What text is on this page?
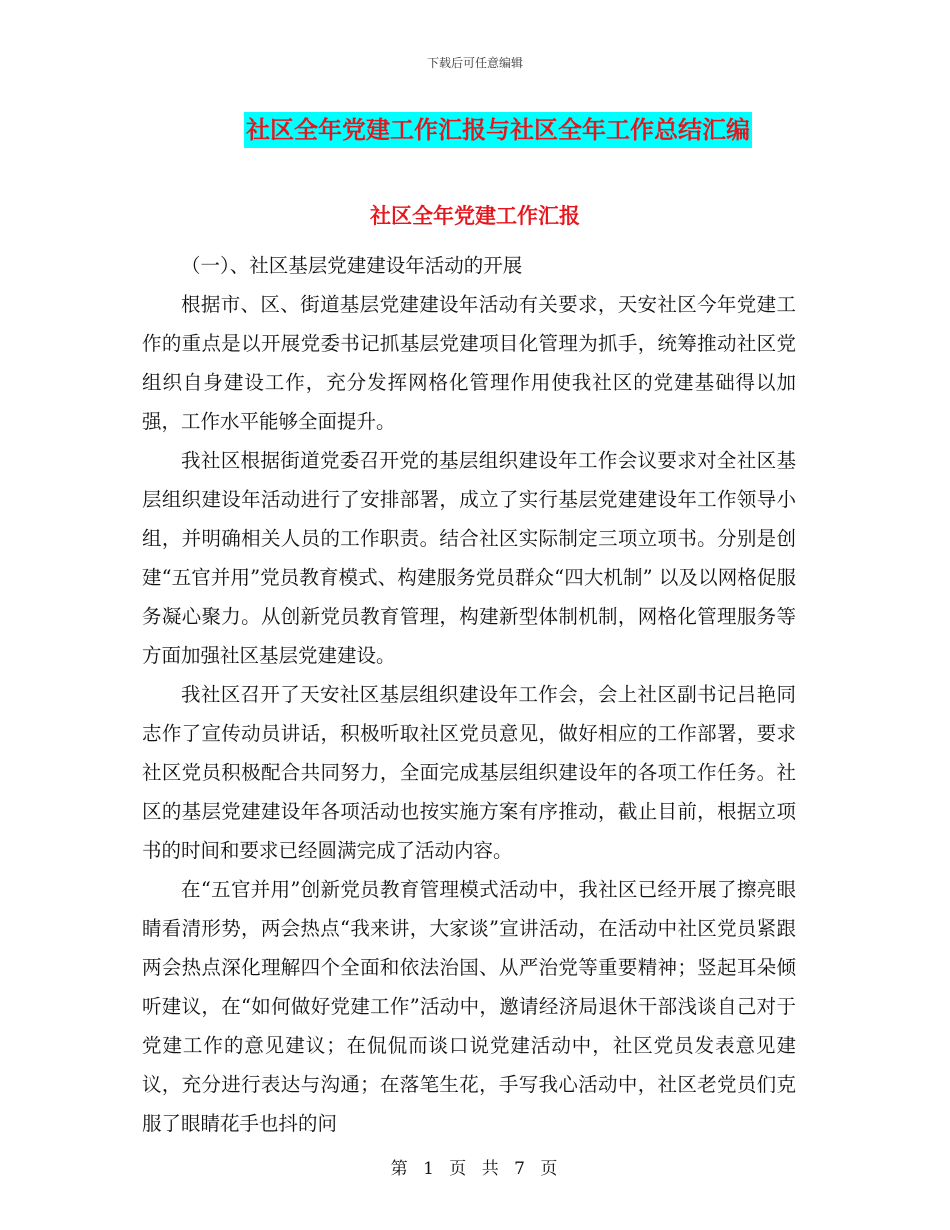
下载后可任意编辑
社区全年党建工作汇报与社区全年工作总结汇编
社区全年党建工作汇报

（一）、社区基层党建建设年活动的开展

根据市、区、街道基层党建建设年活动有关要求，天安社区今年党建工作的重点是以开展党委书记抓基层党建项目化管理为抓手，统筹推动社区党组织自身建设工作，充分发挥网格化管理作用使我社区的党建基础得以加强，工作水平能够全面提升。

我社区根据街道党委召开党的基层组织建设年工作会议要求对全社区基层组织建设年活动进行了安排部署，成立了实行基层党建建设年工作领导小组，并明确相关人员的工作职责。结合社区实际制定三项立项书。分别是创建“五官并用”党员教育模式、构建服务党员群众“四大机制” 以及以网格促服务凝心聚力。从创新党员教育管理，构建新型体制机制，网格化管理服务等方面加强社区基层党建建设。

我社区召开了天安社区基层组织建设年工作会，会上社区副书记吕艳同志作了宣传动员讲话，积极听取社区党员意见，做好相应的工作部署，要求社区党员积极配合共同努力，全面完成基层组织建设年的各项工作任务。社区的基层党建建设年各项活动也按实施方案有序推动，截止目前，根据立项书的时间和要求已经圆满完成了活动内容。

在“五官并用”创新党员教育管理模式活动中，我社区已经开展了擦亮眼睛看清形势，两会热点“我来讲，大家谈”宣讲活动，在活动中社区党员紧跟两会热点深化理解四个全面和依法治国、从严治党等重要精神；竖起耳朵倾听建议，在“如何做好党建工作”活动中，邀请经济局退休干部浅谈自己对于党建工作的意见建议；在侃侃而谈口说党建活动中，社区党员发表意见建议，充分进行表达与沟通；在落笔生花，手写我心活动中，社区老党员们克服了眼睛花手也抖的问

第 1 页 共 7 页
